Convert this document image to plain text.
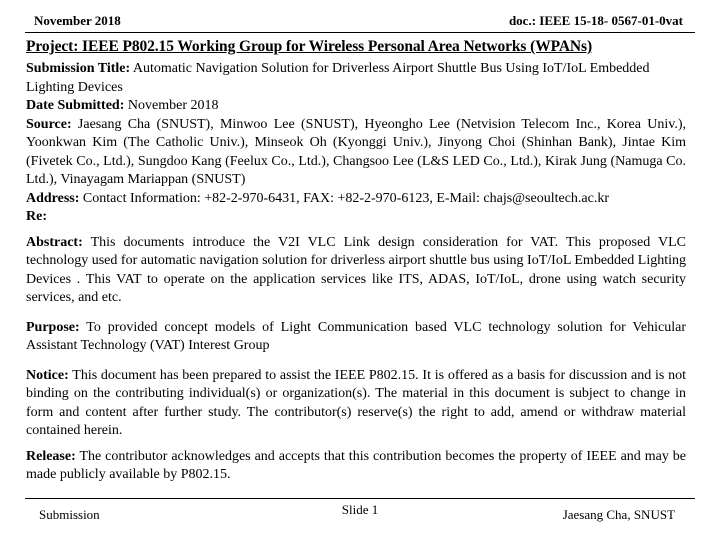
November 2018	doc.: IEEE 15-18- 0567-01-0vat
Project: IEEE P802.15 Working Group for Wireless Personal Area Networks (WPANs)

Submission Title: Automatic Navigation Solution for Driverless Airport Shuttle Bus Using IoT/IoL Embedded Lighting Devices

Date Submitted: November 2018

Source: Jaesang Cha (SNUST), Minwoo Lee (SNUST), Hyeongho Lee (Netvision Telecom Inc., Korea Univ.), Yoonkwan Kim (The Catholic Univ.), Minseok Oh (Kyonggi Univ.), Jinyong Choi (Shinhan Bank), Jintae Kim (Fivetek Co., Ltd.), Sungdoo Kang (Feelux Co., Ltd.), Changsoo Lee (L&S LED Co., Ltd.), Kirak Jung (Namuga Co. Ltd.), Vinayagam Mariappan (SNUST)

Address: Contact Information: +82-2-970-6431, FAX: +82-2-970-6123, E-Mail: chajs@seoultech.ac.kr

Re:

Abstract: This documents introduce the V2I VLC Link design consideration for VAT. This proposed VLC technology used for automatic navigation solution for driverless airport shuttle bus using IoT/IoL Embedded Lighting Devices . This VAT to operate on the application services like ITS, ADAS, IoT/IoL, drone using watch security services, and etc.

Purpose: To provided concept models of Light Communication based VLC technology solution for Vehicular Assistant Technology (VAT) Interest Group

Notice: This document has been prepared to assist the IEEE P802.15. It is offered as a basis for discussion and is not binding on the contributing individual(s) or organization(s). The material in this document is subject to change in form and content after further study. The contributor(s) reserve(s) the right to add, amend or withdraw material contained herein.

Release: The contributor acknowledges and accepts that this contribution becomes the property of IEEE and may be made publicly available by P802.15.

Submission	Slide 1	Jaesang Cha, SNUST
